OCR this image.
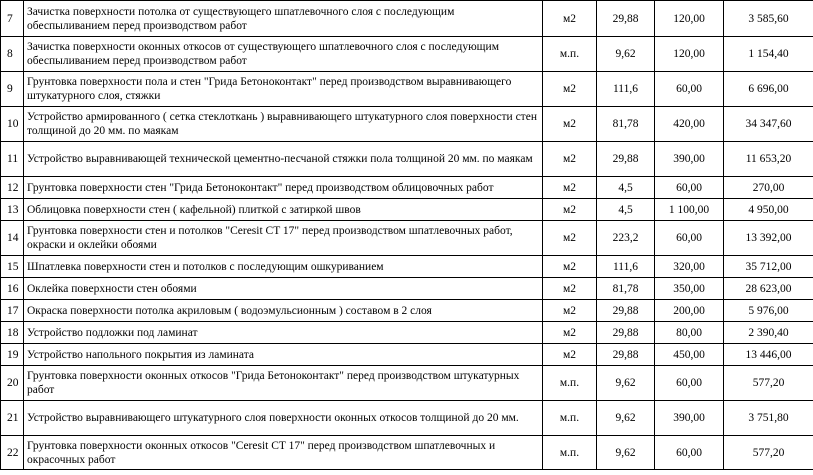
7	Зачистка поверхности потолка от существующего шпатлевочного слоя с последующим обеспыливанием перед производством работ	м2	29,88	120,00	3 585,60
8	Зачистка поверхности оконных откосов от существующего шпатлевочного слоя с последующим обеспыливанием перед производством работ	м.п.	9,62	120,00	1 154,40
9	Грунтовка поверхности пола и стен "Грида Бетоноконтакт" перед производством выравнивающего штукатурного слоя, стяжки	м2	111,6	60,00	6 696,00
10	Устройство армированного ( сетка стеклоткань ) выравнивающего штукатурного слоя поверхности стен толщиной до 20 мм. по маякам	м2	81,78	420,00	34 347,60
11	Устройство выравнивающей технической цементно-песчаной стяжки пола толщиной 20 мм. по маякам	м2	29,88	390,00	11 653,20
12	Грунтовка поверхности стен "Грида Бетоноконтакт" перед производством облицовочных работ	м2	4,5	60,00	270,00
13	Облицовка поверхности стен ( кафельной) плиткой с затиркой швов	м2	4,5	1 100,00	4 950,00
14	Грунтовка поверхности стен и потолков "Ceresit CT 17" перед производством шпатлевочных работ, окраски и оклейки обоями	м2	223,2	60,00	13 392,00
15	Шпатлевка поверхности стен и потолков с последующим ошкуриванием	м2	111,6	320,00	35 712,00
16	Оклейка поверхности стен обоями	м2	81,78	350,00	28 623,00
17	Окраска поверхности потолка акриловым ( водоэмульсионным ) составом в 2 слоя	м2	29,88	200,00	5 976,00
18	Устройство подложки под ламинат	м2	29,88	80,00	2 390,40
19	Устройство напольного покрытия из ламината	м2	29,88	450,00	13 446,00
20	Грунтовка поверхности оконных откосов "Грида Бетоноконтакт" перед производством штукатурных работ	м.п.	9,62	60,00	577,20
21	Устройство выравнивающего штукатурного слоя поверхности оконных откосов толщиной до 20 мм.	м.п.	9,62	390,00	3 751,80
22	Грунтовка поверхности оконных откосов "Ceresit CT 17" перед производством шпатлевочных и окрасочных работ	м.п.	9,62	60,00	577,20
